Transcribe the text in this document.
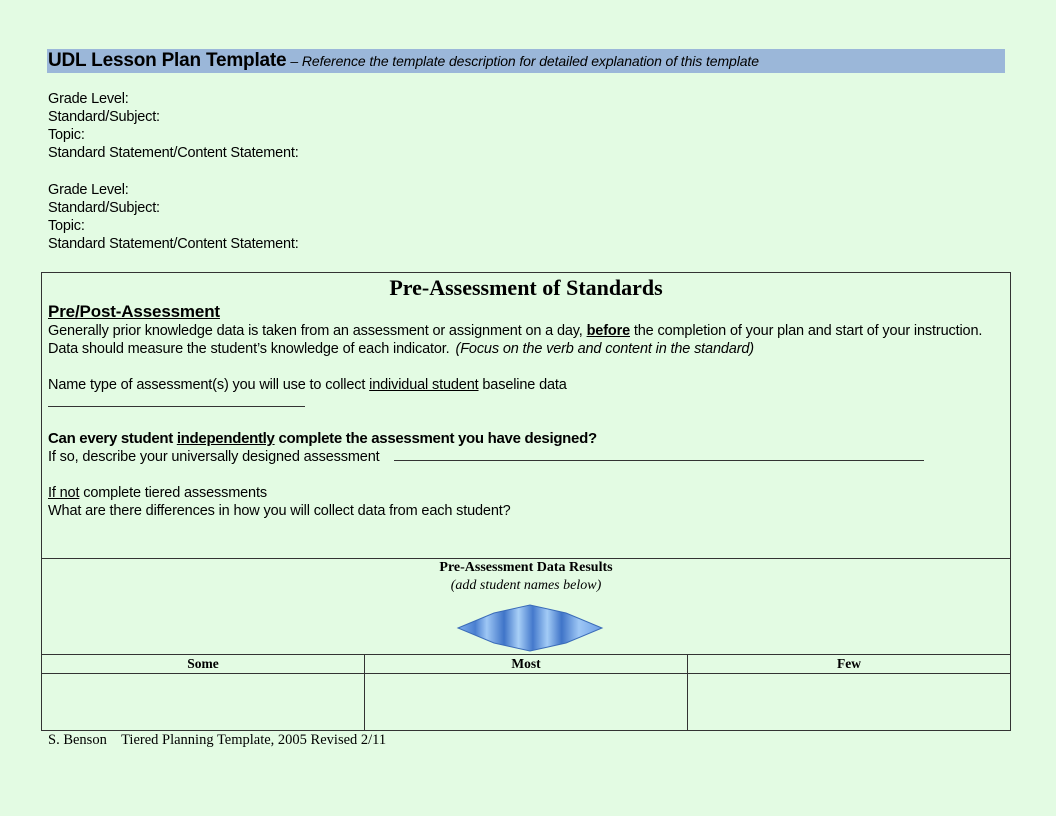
UDL Lesson Plan Template – Reference the template description for detailed explanation of this template
Grade Level:
Standard/Subject:
Topic:
Standard Statement/Content Statement:
Grade Level:
Standard/Subject:
Topic:
Standard Statement/Content Statement:
Pre-Assessment of Standards

Pre/Post-Assessment

Generally prior knowledge data is taken from an assessment or assignment on a day, before the completion of your plan and start of your instruction.

Data should measure the student’s knowledge of each indicator. (Focus on the verb and content in the standard)

Name type of assessment(s) you will use to collect individual student baseline data

Can every student independently complete the assessment you have designed?

If so, describe your universally designed assessment

If not complete tiered assessments

What are there differences in how you will collect data from each student?

Pre-Assessment Data Results
(add student names below)
Some	Most	Few
S. Benson Tiered Planning Template, 2005 Revised 2/11
